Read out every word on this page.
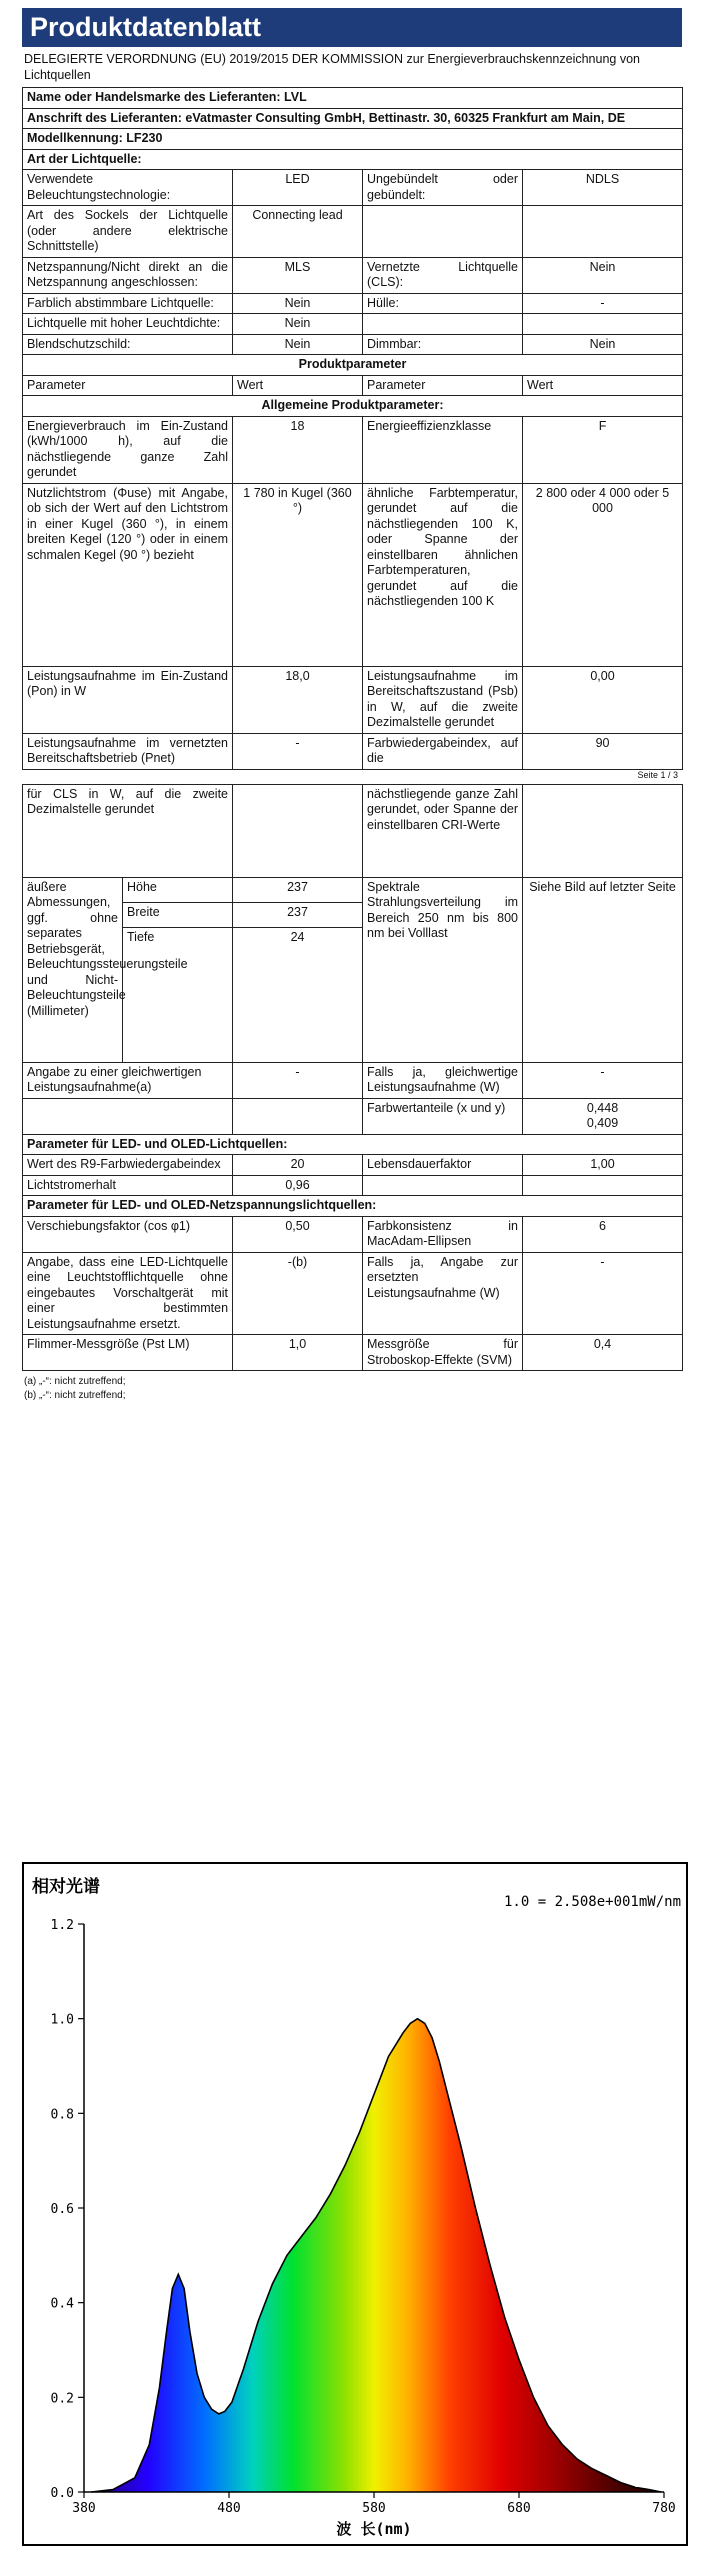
Produktdatenblatt
DELEGIERTE VERORDNUNG (EU) 2019/2015 DER KOMMISSION zur Energieverbrauchskennzeichnung von Lichtquellen
Name oder Handelsmarke des Lieferanten: LVL			
Anschrift des Lieferanten: eVatmaster Consulting GmbH, Bettinastr. 30, 60325 Frankfurt am Main, DE			
Modellkennung: LF230			
Art der Lichtquelle:			
Verwendete Beleuchtungstechnologie:	LED	Ungebündelt oder gebündelt:	NDLS
Art des Sockels der Lichtquelle (oder andere elektrische Schnittstelle)	Connecting lead		
Netzspannung/Nicht direkt an die Netzspannung angeschlossen:	MLS	Vernetzte Lichtquelle (CLS):	Nein
Farblich abstimmbare Lichtquelle:	Nein	Hülle:	-
Lichtquelle mit hoher Leuchtdichte:	Nein		
Blendschutzschild:	Nein	Dimmbar:	Nein
Produktparameter			
Parameter	Wert	Parameter	Wert
Allgemeine Produktparameter:			
Energieverbrauch im Ein-Zustand (kWh/1000 h), auf die nächstliegende ganze Zahl gerundet	18	Energieeffizienzklasse	F
Nutzlichtstrom (Φuse) mit Angabe, ob sich der Wert auf den Lichtstrom in einer Kugel (360 °), in einem breiten Kegel (120 °) oder in einem schmalen Kegel (90 °) bezieht	1 780 in Kugel (360 °)	ähnliche Farbtemperatur, gerundet auf die nächstliegenden 100 K, oder Spanne der einstellbaren ähnlichen Farbtemperaturen, gerundet auf die nächstliegenden 100 K	2 800 oder 4 000 oder 5 000
Leistungsaufnahme im Ein-Zustand (Pon) in W	18,0	Leistungsaufnahme im Bereitschaftszustand (Psb) in W, auf die zweite Dezimalstelle gerundet	0,00
Leistungsaufnahme im vernetzten Bereitschaftsbetrieb (Pnet)	-	Farbwiedergabeindex, auf die	90
Seite 1 / 3
für CLS in W, auf die zweite Dezimalstelle gerundet			nächstliegende ganze Zahl gerundet, oder Spanne der einstellbaren CRI-Werte	
äußere Abmessungen, ggf. ohne separates Betriebsgerät, Beleuchtungssteuerungsteile und Nicht-Beleuchtungsteile (Millimeter)	Höhe	237	Spektrale Strahlungsverteilung im Bereich 250 nm bis 800 nm bei Volllast	Siehe Bild auf letzter Seite
	Breite	237		
	Tiefe	24		
Angabe zu einer gleichwertigen Leistungsaufnahme(a)		-	Falls ja, gleichwertige Leistungsaufnahme (W)	-
			Farbwertanteile (x und y)	0,448
0,409
Parameter für LED- und OLED-Lichtquellen:				
Wert des R9-Farbwiedergabeindex		20	Lebensdauerfaktor	1,00
Lichtstromerhalt		0,96		
Parameter für LED- und OLED-Netzspannungslichtquellen:				
Verschiebungsfaktor (cos φ1)		0,50	Farbkonsistenz in MacAdam-Ellipsen	6
Angabe, dass eine LED-Lichtquelle eine Leuchtstofflichtquelle ohne eingebautes Vorschaltgerät mit einer bestimmten Leistungsaufnahme ersetzt.		-(b)	Falls ja, Angabe zur ersetzten Leistungsaufnahme (W)	-
Flimmer-Messgröße (Pst LM)		1,0	Messgröße für Stroboskop-Effekte (SVM)	0,4
(a) „-“: nicht zutreffend;
(b) „-“: nicht zutreffend;
相对光谱
1.0 = 2.508e+001mW/nm
380	480	580	680	780
0.0
0.2
0.4
0.6
0.8
1.0
1.2
波 长(nm)
